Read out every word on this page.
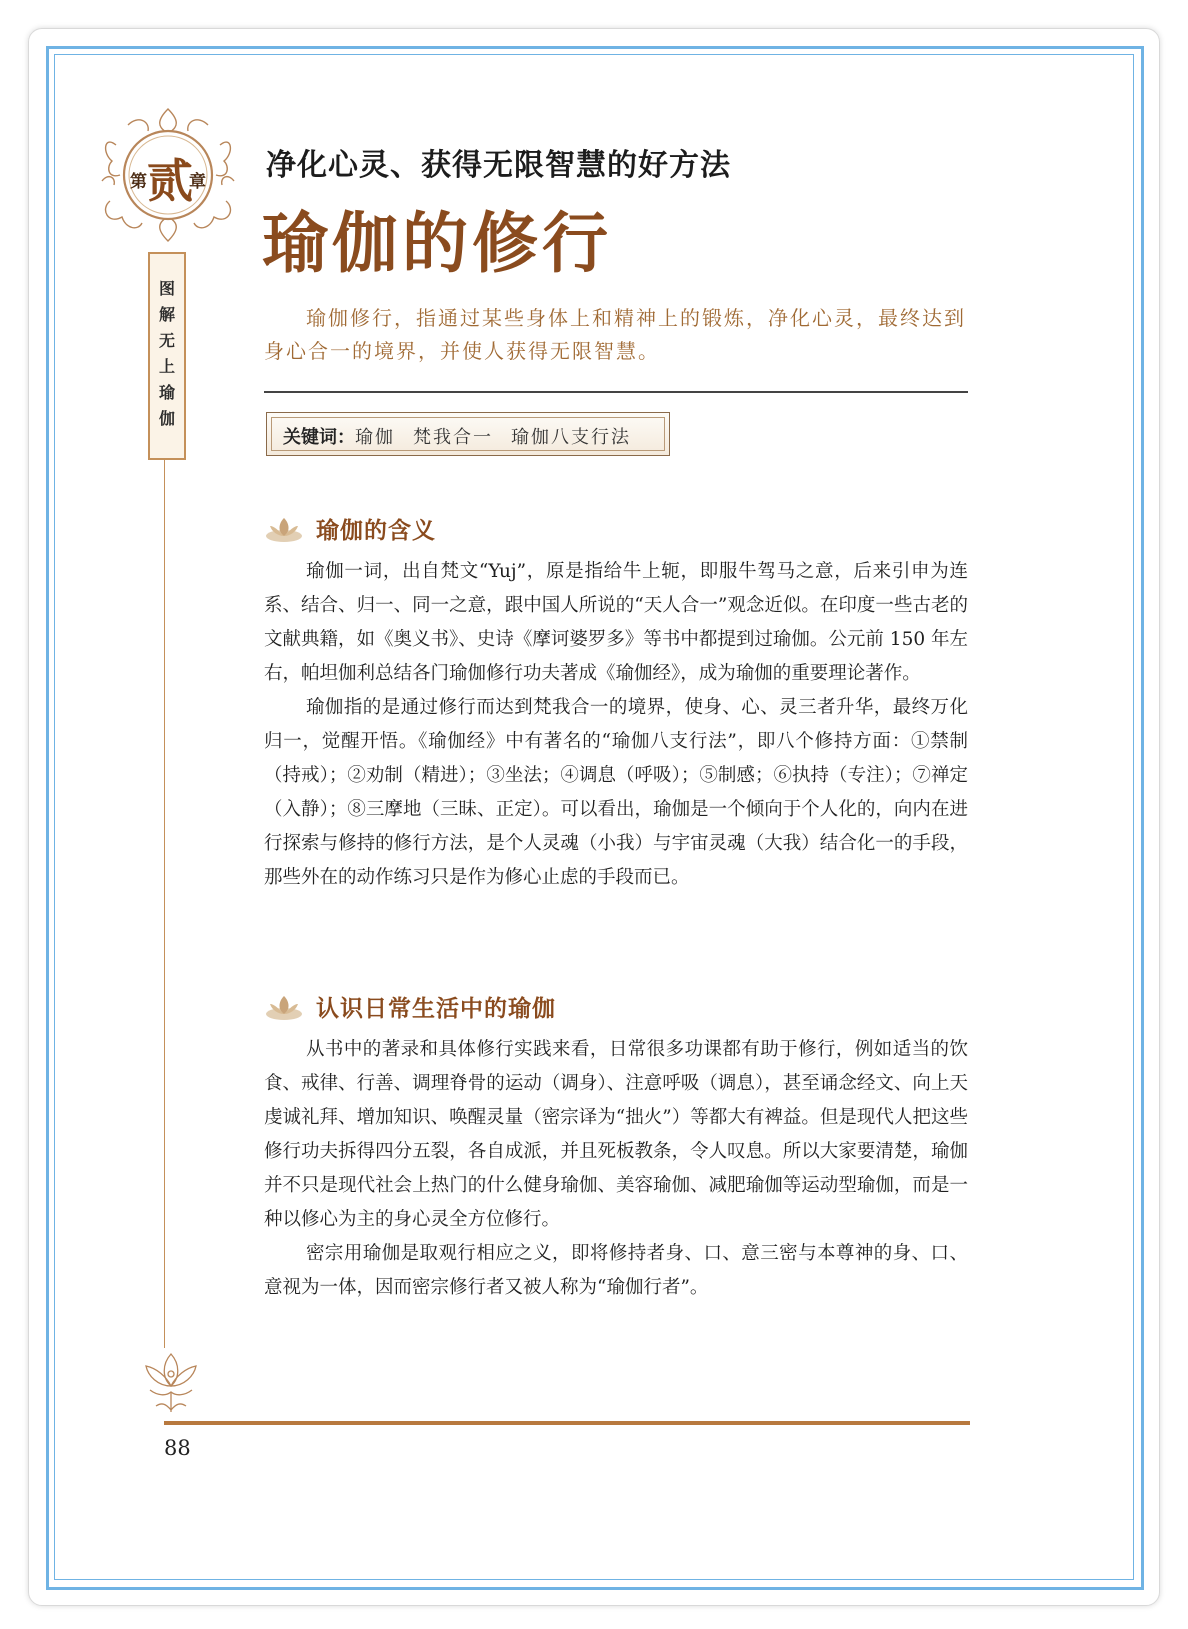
第 贰
章
图
解
无
上
瑜
伽
净化心灵、获得无限智慧的好方法
瑜伽的修行

瑜伽修行，指通过某些身体上和精神上的锻炼，净化心灵，最终达到身心合一的境界，并使人获得无限智慧。

关键词：瑜伽 梵我合一 瑜伽八支行法
瑜伽的含义

瑜伽一词，出自梵文“Yuj”，原是指给牛上轭，即服牛驾马之意，后来引申为连系、结合、归一、同一之意，跟中国人所说的“天人合一”观念近似。在印度一些古老的文献典籍，如《奥义书》、史诗《摩诃婆罗多》等书中都提到过瑜伽。公元前 150 年左右，帕坦伽利总结各门瑜伽修行功夫著成《瑜伽经》，成为瑜伽的重要理论著作。

瑜伽指的是通过修行而达到梵我合一的境界，使身、心、灵三者升华，最终万化归一，觉醒开悟。《瑜伽经》中有著名的“瑜伽八支行法”，即八个修持方面：①禁制（持戒）；②劝制（精进）；③坐法；④调息（呼吸）；⑤制感；⑥执持（专注）；⑦禅定（入静）；⑧三摩地（三昧、正定）。可以看出，瑜伽是一个倾向于个人化的，向内在进行探索与修持的修行方法，是个人灵魂（小我）与宇宙灵魂（大我）结合化一的手段，那些外在的动作练习只是作为修心止虑的手段而已。

认识日常生活中的瑜伽

从书中的著录和具体修行实践来看，日常很多功课都有助于修行，例如适当的饮食、戒律、行善、调理脊骨的运动（调身）、注意呼吸（调息），甚至诵念经文、向上天虔诚礼拜、增加知识、唤醒灵量（密宗译为“拙火”）等都大有裨益。但是现代人把这些修行功夫拆得四分五裂，各自成派，并且死板教条，令人叹息。所以大家要清楚，瑜伽并不只是现代社会上热门的什么健身瑜伽、美容瑜伽、减肥瑜伽等运动型瑜伽，而是一种以修心为主的身心灵全方位修行。

密宗用瑜伽是取观行相应之义，即将修持者身、口、意三密与本尊神的身、口、意视为一体，因而密宗修行者又被人称为“瑜伽行者”。

88
